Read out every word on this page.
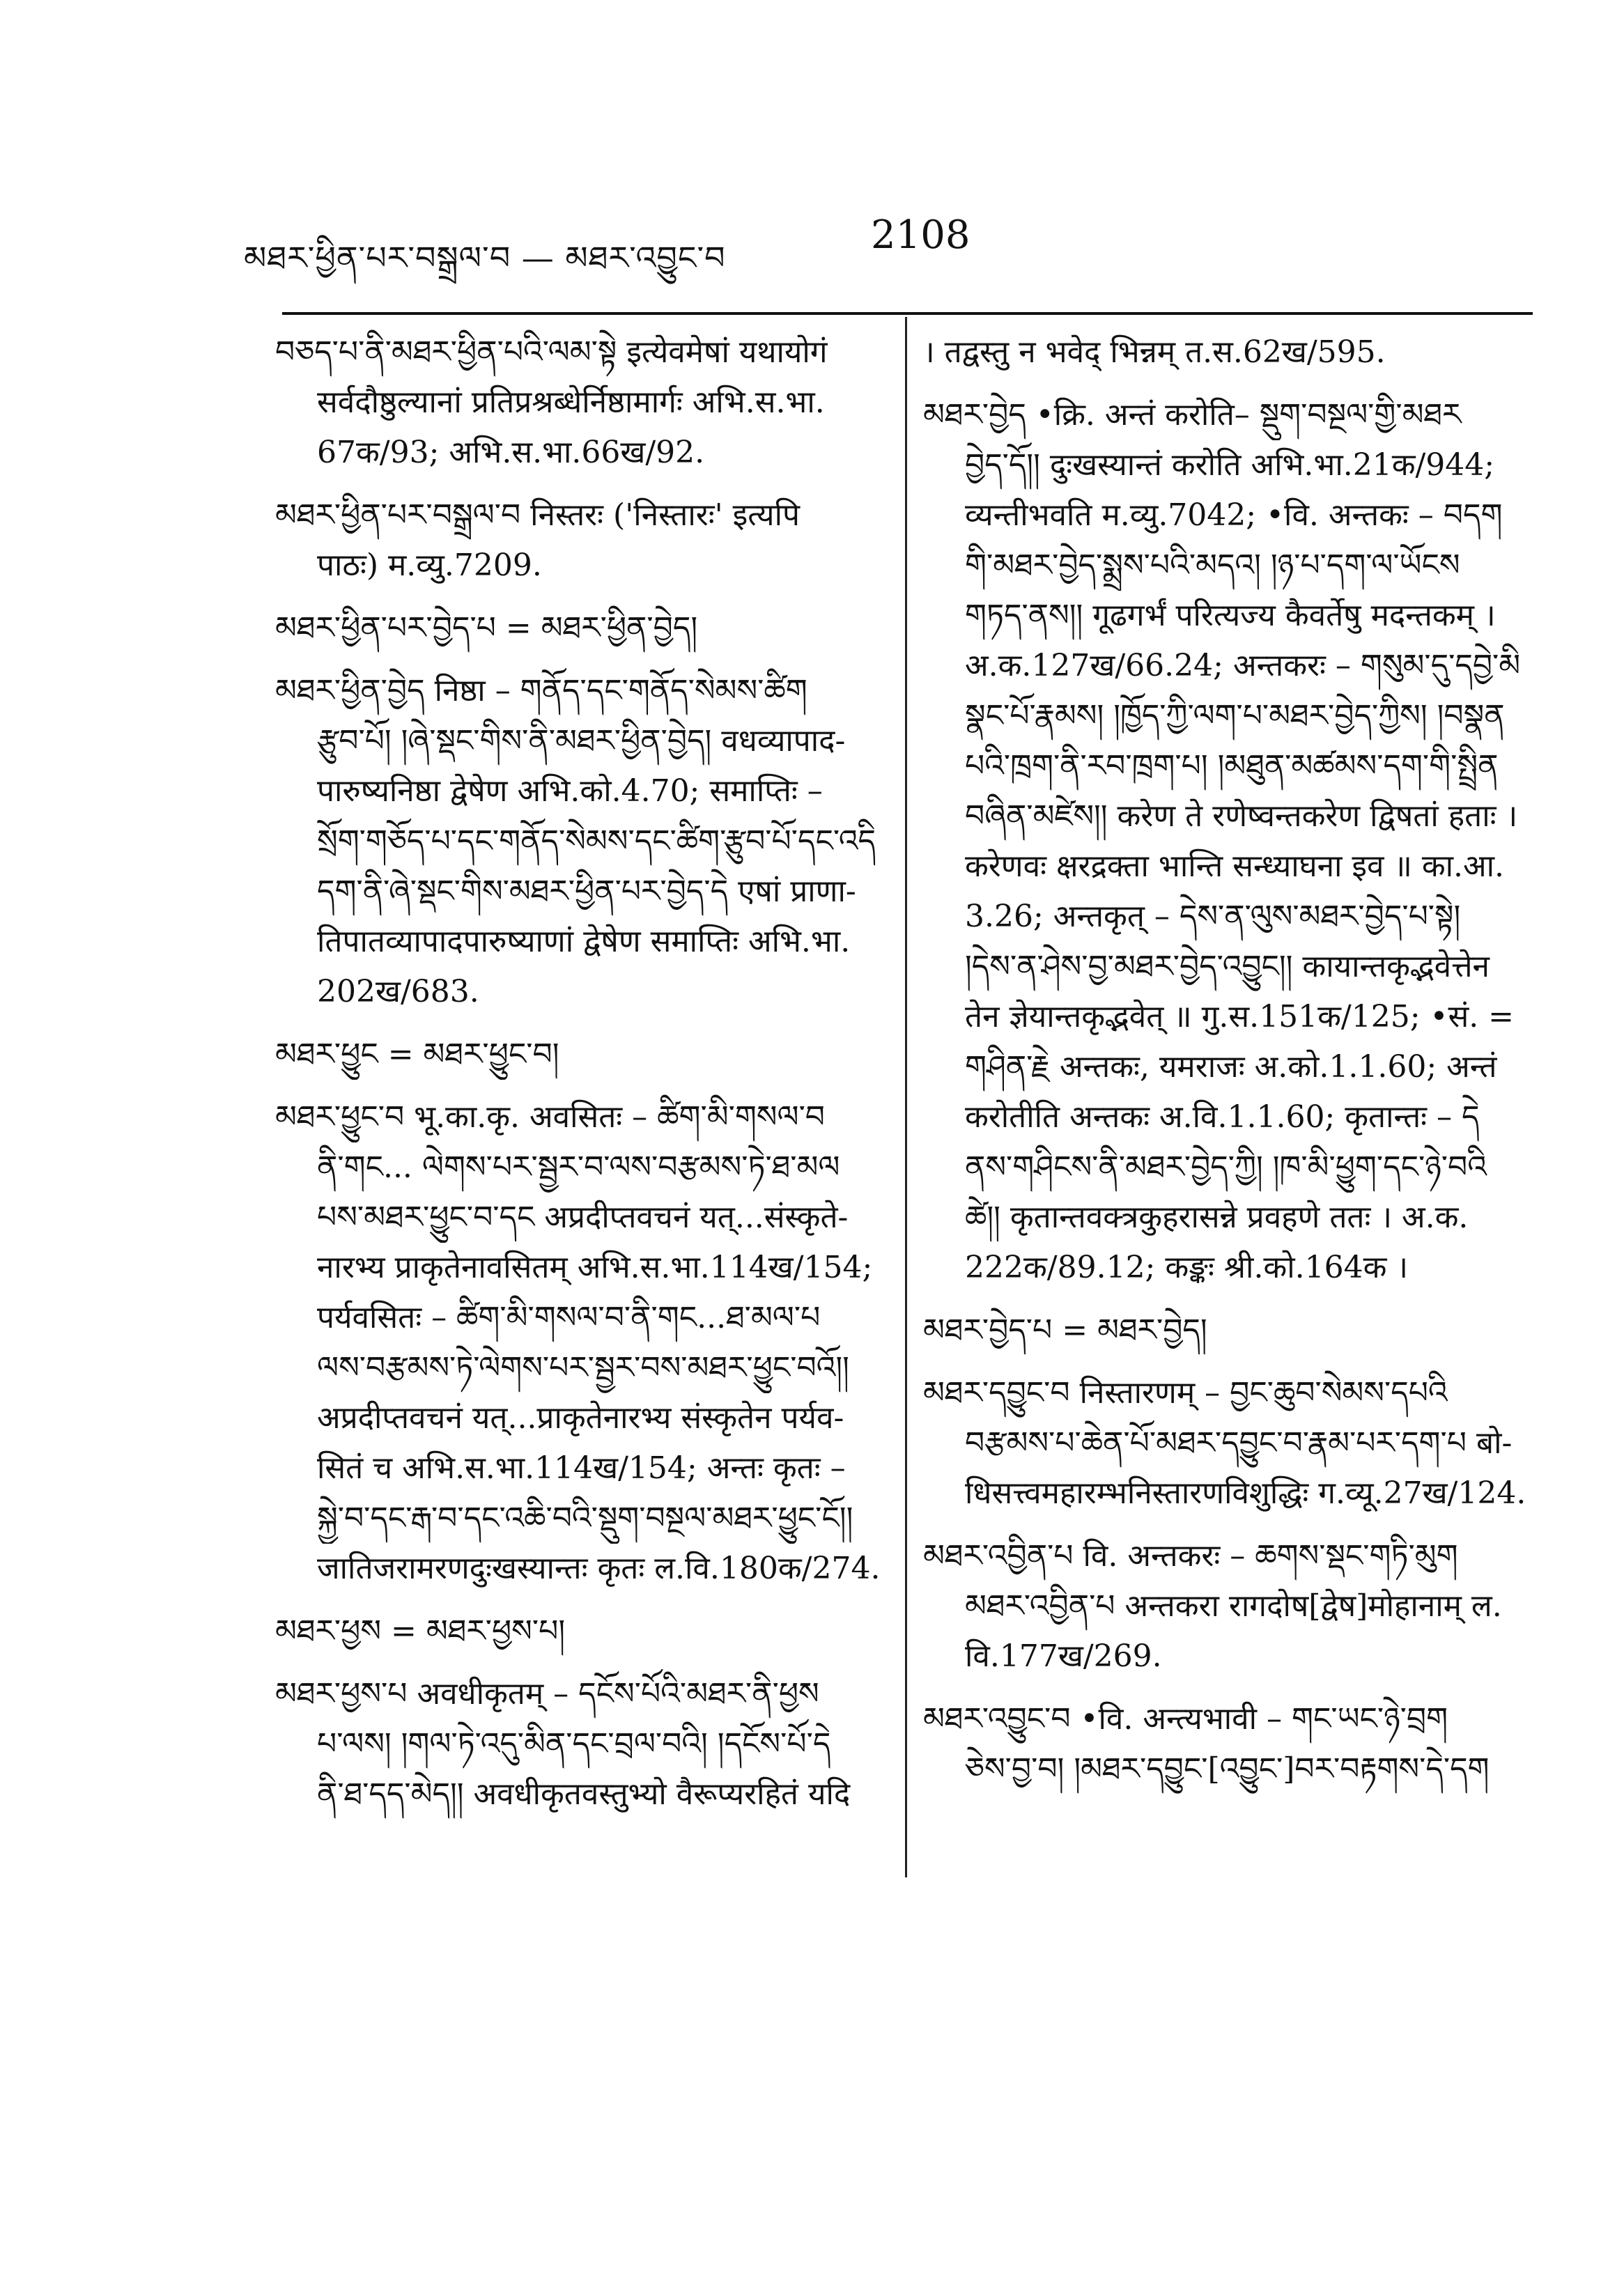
མཐར་ཕྱིན་པར་བསྒྲལ་བ — མཐར་འབྱུང་བ	2108
བཅད་པ་ནི་མཐར་ཕྱིན་པའི་ལམ་སྟེ इत्येवमेषां यथायोगं
सर्वदौष्ठुल्यानां प्रतिप्रश्रब्धेर्निष्ठामार्गः अभि.स.भा.
67क/93; अभि.स.भा.66ख/92.
མཐར་ཕྱིན་པར་བསྒྲལ་བ निस्तरः ('निस्तारः' इत्यपि
पाठः) म.व्यु.7209.
མཐར་ཕྱིན་པར་བྱེད་པ = མཐར་ཕྱིན་བྱེད།
མཐར་ཕྱིན་བྱེད निष्ठा – གནོད་དང་གནོད་སེམས་ཚིག
རྩུབ་པོ། །ཞེ་སྡང་གིས་ནི་མཐར་ཕྱིན་བྱེད། वधव्यापाद-
पारुष्यनिष्ठा द्वेषेण अभि.को.4.70; समाप्तिः –
སྲོག་གཅོད་པ་དང་གནོད་སེམས་དང་ཚིག་རྩུབ་པོ་དང་འདི
དག་ནི་ཞེ་སྡང་གིས་མཐར་ཕྱིན་པར་བྱེད་དེ एषां प्राणा-
तिपातव्यापादपारुष्याणां द्वेषेण समाप्तिः अभि.भा.
202ख/683.
མཐར་ཕྱུང = མཐར་ཕྱུང་བ།
མཐར་ཕྱུང་བ भू.का.कृ. अवसितः – ཚིག་མི་གསལ་བ
ནི་གང... ལེགས་པར་སྦྱར་བ་ལས་བརྩམས་ཏེ་ཐ་མལ
པས་མཐར་ཕྱུང་བ་དང अप्रदीप्तवचनं यत्...संस्कृते-
नारभ्य प्राकृतेनावसितम् अभि.स.भा.114ख/154;
पर्यवसितः – ཚིག་མི་གསལ་བ་ནི་གང...ཐ་མལ་པ
ལས་བརྩམས་ཏེ་ལེགས་པར་སྦྱར་བས་མཐར་ཕྱུང་བའོ།།
अप्रदीप्तवचनं यत्...प्राकृतेनारभ्य संस्कृतेन पर्यव-
सितं च अभि.स.भा.114ख/154; अन्तः कृतः –
སྐྱེ་བ་དང་རྒ་བ་དང་འཆི་བའི་སྡུག་བསྔལ་མཐར་ཕྱུང་ངོ།།
जातिजरामरणदुःखस्यान्तः कृतः ल.वि.180क/274.
མཐར་ཕྱས = མཐར་ཕྱས་པ།
མཐར་ཕྱས་པ अवधीकृतम् – དངོས་པོའི་མཐར་ནི་ཕྱས
པ་ལས། །གལ་ཏེ་འདུ་མིན་དང་བྲལ་བའི། །དངོས་པོ་དེ
ནི་ཐ་དད་མེད།། अवधीकृतवस्तुभ्यो वैरूप्यरहितं यदि
। तद्वस्तु न भवेद् भिन्नम् त.स.62ख/595.
མཐར་བྱེད •क्रि. अन्तं करोति– སྡུག་བསྔལ་གྱི་མཐར
བྱེད་དོ།། दुःखस्यान्तं करोति अभि.भा.21क/944;
व्यन्तीभवति म.व्यु.7042; •वि. अन्तकः – བདག
གི་མཐར་བྱེད་སྨྲས་པའི་མདའ། །ཉ་པ་དག་ལ་ཡོངས
གཏད་ནས།། गूढगर्भं परित्यज्य कैवर्तेषु मदन्तकम् ।
अ.क.127ख/66.24; अन्तकरः – གསུམ་དུ་དབྱེ་མི
སྣང་པོ་རྣམས། །ཁྱོད་ཀྱི་ལག་པ་མཐར་བྱེད་ཀྱིས། །བསྣན
པའི་ཁྲག་ནི་རབ་ཁྲག་པ། །མཐུན་མཚམས་དག་གི་སྤྲིན
བཞིན་མཛེས།། करेण ते रणेष्वन्तकरेण द्विषतां हताः ।
करेणवः क्षरद्रक्ता भान्ति सन्ध्याघना इव ॥ का.आ.
3.26; अन्तकृत् – དེས་ན་ལུས་མཐར་བྱེད་པ་སྟེ།
།དེས་ན་ཤེས་བྱ་མཐར་བྱེད་འབྱུང།། कायान्तकृद्भवेत्तेन
तेन ज्ञेयान्तकृद्भवेत् ॥ गु.स.151क/125; •सं. =
གཤིན་རྗེ अन्तकः, यमराजः अ.को.1.1.60; अन्तं
करोतीति अन्तकः अ.वि.1.1.60; कृतान्तः – དེ
ནས་གཤིངས་ནི་མཐར་བྱེད་ཀྱི། །ཁ་མི་ཕྱུག་དང་ཉེ་བའི
ཚེ།། कृतान्तवक्त्रकुहरासन्ने प्रवहणे ततः । अ.क.
222क/89.12; कङ्कः श्री.को.164क ।
མཐར་བྱེད་པ = མཐར་བྱེད།
མཐར་དབྱུང་བ निस्तारणम् – བྱང་ཆུབ་སེམས་དཔའི
བརྩམས་པ་ཆེན་པོ་མཐར་དབྱུང་བ་རྣམ་པར་དག་པ बो-
धिसत्त्वमहारम्भनिस्तारणविशुद्धिः ग.व्यू.27ख/124.
མཐར་འབྱིན་པ वि. अन्तकरः – ཆགས་སྡང་གཏི་མུག
མཐར་འབྱིན་པ अन्तकरा रागदोष[द्वेष]मोहानाम् ल.
वि.177ख/269.
མཐར་འབྱུང་བ •वि. अन्त्यभावी – གང་ཡང་ཉེ་བྲག
ཅེས་བྱ་བ། །མཐར་དབྱུང་[འབྱུང་]བར་བརྟགས་དེ་དག
